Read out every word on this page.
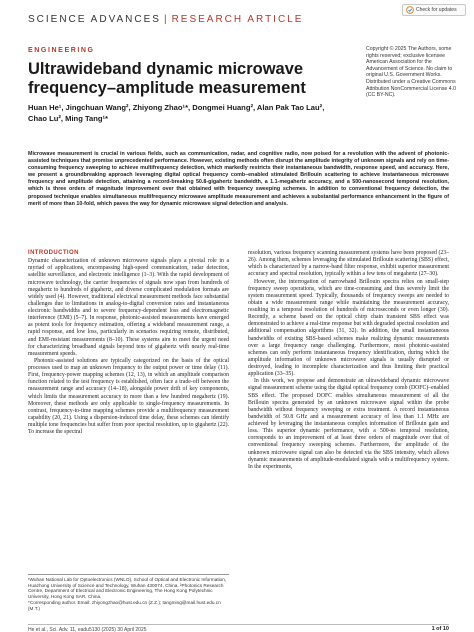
Check for updates
SCIENCE ADVANCES | RESEARCH ARTICLE
ENGINEERING
Ultrawideband dynamic microwave frequency–amplitude measurement
Huan He¹, Jingchuan Wang², Zhiyong Zhao¹*, Dongmei Huang², Alan Pak Tao Lau²,
Chao Lu², Ming Tang¹*
Copyright © 2025 The Authors, some rights reserved; exclusive licensee American Association for the Advancement of Science. No claim to original U.S. Government Works. Distributed under a Creative Commons Attribution NonCommercial License 4.0 (CC BY-NC).
Microwave measurement is crucial in various fields, such as communication, radar, and cognitive radio, now poised for a revolution with the advent of photonic-assisted techniques that promise unprecedented performance. However, existing methods often disrupt the amplitude integrity of unknown signals and rely on time-consuming frequency sweeping to achieve multifrequency detection, which markedly restricts their instantaneous bandwidth, response speed, and accuracy. Here, we present a groundbreaking approach leveraging digital optical frequency comb–enabled stimulated Brillouin scattering to achieve instantaneous microwave frequency and amplitude detection, attaining a record-breaking 50.8-gigahertz bandwidth, a 1.1-megahertz accuracy, and a 500-nanosecond temporal resolution, which is three orders of magnitude improvement over that obtained with frequency sweeping schemes. In addition to conventional frequency detection, the proposed technique enables simultaneous multifrequency microwave amplitude measurement and achieves a substantial performance enhancement in the figure of merit of more than 10-fold, which paves the way for dynamic microwave signal detection and analysis.
INTRODUCTION

Dynamic characterization of unknown microwave signals plays a pivotal role in a myriad of applications, encompassing high-speed communication, radar detection, satellite surveillance, and electronic intelligence (1–3). With the rapid development of microwave technology, the carrier frequencies of signals now span from hundreds of megahertz to hundreds of gigahertz, and diverse complicated modulation formats are widely used (4). However, traditional electrical measurement methods face substantial challenges due to limitations in analog-to-digital conversion rates and instantaneous electronic bandwidths and to severe frequency-dependent loss and electromagnetic interference (EMI) (5–7). In response, photonic-assisted measurements have emerged as potent tools for frequency estimation, offering a wideband measurement range, a rapid response, and low loss, particularly in scenarios requiring remote, distributed, and EMI-resistant measurements (8–10). These systems aim to meet the urgent need for characterizing broadband signals beyond tens of gigahertz with nearly real-time measurement speeds.

Photonic-assisted solutions are typically categorized on the basis of the optical processes used to map an unknown frequency to the output power or time delay (11). First, frequency-power mapping schemes (12, 13), in which an amplitude comparison function related to the test frequency is established, often face a trade-off between the measurement range and accuracy (14–18), alongside power drift of key components, which limits the measurement accuracy to more than a few hundred megahertz (19). Moreover, these methods are only applicable to single-frequency measurements. In contrast, frequency-to-time mapping schemes provide a multifrequency measurement capability (20, 21). Using a dispersion-induced time delay, these schemes can identify multiple tone frequencies but suffer from poor spectral resolution, up to gigahertz (22). To increase the spectral

resolution, various frequency scanning measurement systems have been proposed (23–26). Among them, schemes leveraging the stimulated Brillouin scattering (SBS) effect, which is characterized by a narrow-band filter response, exhibit superior measurement accuracy and spectral resolution, typically within a few tens of megahertz (27–30).

However, the interrogation of narrowband Brillouin spectra relies on small-step frequency sweep operations, which are time-consuming and thus severely limit the system measurement speed. Typically, thousands of frequency sweeps are needed to obtain a wide measurement range while maintaining the measurement accuracy, resulting in a temporal resolution of hundreds of microseconds or even longer (30). Recently, a scheme based on the optical chirp chain transient SBS effect was demonstrated to achieve a real-time response but with degraded spectral resolution and additional compensation algorithms (31, 32). In addition, the small instantaneous bandwidths of existing SBS-based schemes make realizing dynamic measurements over a large frequency range challenging. Furthermore, most photonic-assisted schemes can only perform instantaneous frequency identification, during which the amplitude information of unknown microwave signals is usually disrupted or destroyed, leading to incomplete characterization and thus limiting their practical application (33–35).

In this work, we propose and demonstrate an ultrawideband dynamic microwave signal measurement scheme using the digital optical frequency comb (DOFC)–enabled SBS effect. The proposed DOFC enables simultaneous measurement of all the Brillouin spectra generated by an unknown microwave signal within the probe bandwidth without frequency sweeping or extra treatment. A record instantaneous bandwidth of 50.8 GHz and a measurement accuracy of less than 1.1 MHz are achieved by leveraging the instantaneous complex information of Brillouin gain and loss. This superior dynamic performance, with a 500-ns temporal resolution, corresponds to an improvement of at least three orders of magnitude over that of conventional frequency sweeping schemes. Furthermore, the amplitude of the unknown microwave signal can also be detected via the SBS intensity, which allows dynamic measurements of amplitude-modulated signals with a multifrequency system. In the experiments,

¹Wuhan National Lab for Optoelectronics (WNLO), School of Optical and Electronic Information, Huazhong University of Science and Technology, Wuhan 430074, China. ²Photonics Research Centre, Department of Electrical and Electronic Engineering, The Hong Kong Polytechnic University, Hong Kong SAR, China.
*Corresponding author. Email: zhiyongzhao@hust.edu.cn (Z.Z.); tangming@mail.hust.edu.cn (M.T.)
He et al., Sci. Adv. 11, eadu5130 (2025) 30 April 2025	1 of 10
